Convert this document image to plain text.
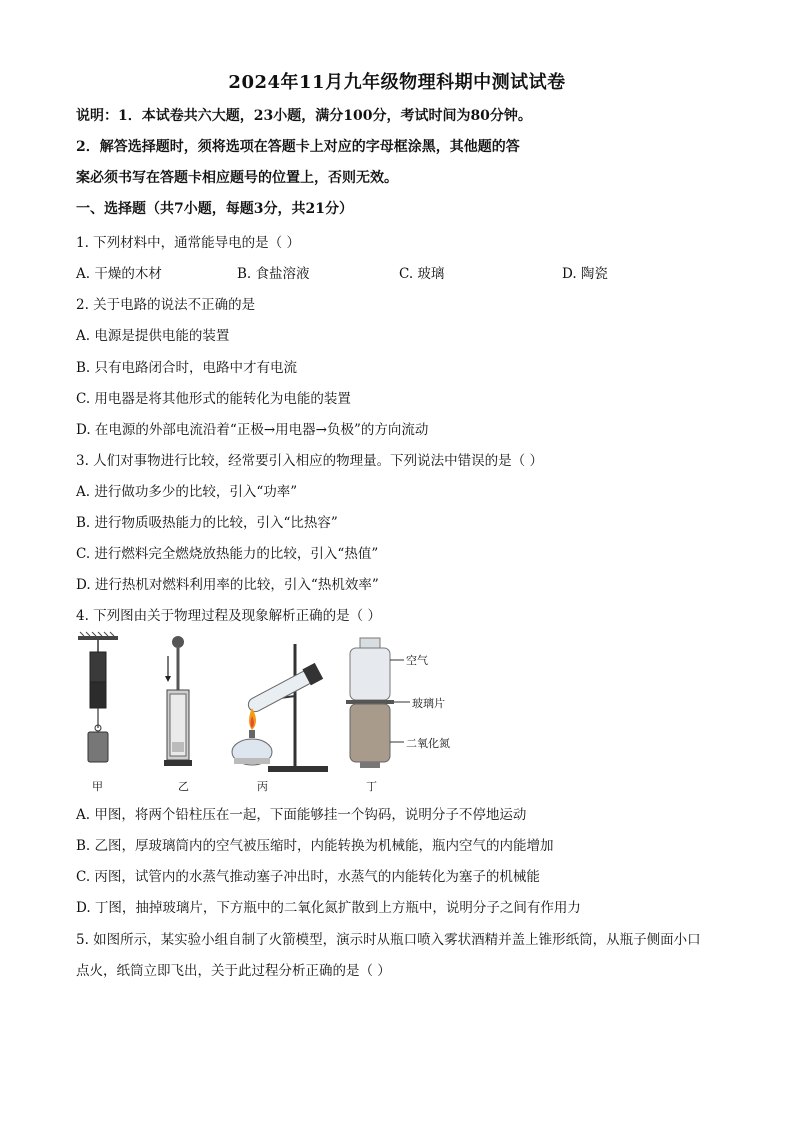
2024年11月九年级物理科期中测试试卷
说明：1．本试卷共六大题，23小题，满分100分，考试时间为80分钟。
2．解答选择题时，须将选项在答题卡上对应的字母框涂黑，其他题的答
案必须书写在答题卡相应题号的位置上，否则无效。
一、选择题（共7小题，每题3分，共21分）
1. 下列材料中，通常能导电的是（ ）
A. 干燥的木材	B. 食盐溶液	C. 玻璃	D. 陶瓷
2. 关于电路的说法不正确的是
A. 电源是提供电能的装置
B. 只有电路闭合时，电路中才有电流
C. 用电器是将其他形式的能转化为电能的装置
D. 在电源的外部电流沿着“正极→用电器→负极”的方向流动
3. 人们对事物进行比较，经常要引入相应的物理量。下列说法中错误的是（ ）
A. 进行做功多少的比较，引入“功率”
B. 进行物质吸热能力的比较，引入“比热容”
C. 进行燃料完全燃烧放热能力的比较，引入“热值”
D. 进行热机对燃料利用率的比较，引入“热机效率”
4. 下列图由关于物理过程及现象解析正确的是（ ）
甲	乙	丙	丁
空气
玻璃片
二氧化氮
A. 甲图，将两个铅柱压在一起，下面能够挂一个钩码，说明分子不停地运动
B. 乙图，厚玻璃筒内的空气被压缩时，内能转换为机械能，瓶内空气的内能增加
C. 丙图，试管内的水蒸气推动塞子冲出时，水蒸气的内能转化为塞子的机械能
D. 丁图，抽掉玻璃片，下方瓶中的二氧化氮扩散到上方瓶中，说明分子之间有作用力
5. 如图所示，某实验小组自制了火箭模型，演示时从瓶口喷入雾状酒精并盖上锥形纸筒，从瓶子侧面小口
点火，纸筒立即飞出，关于此过程分析正确的是（ ）
